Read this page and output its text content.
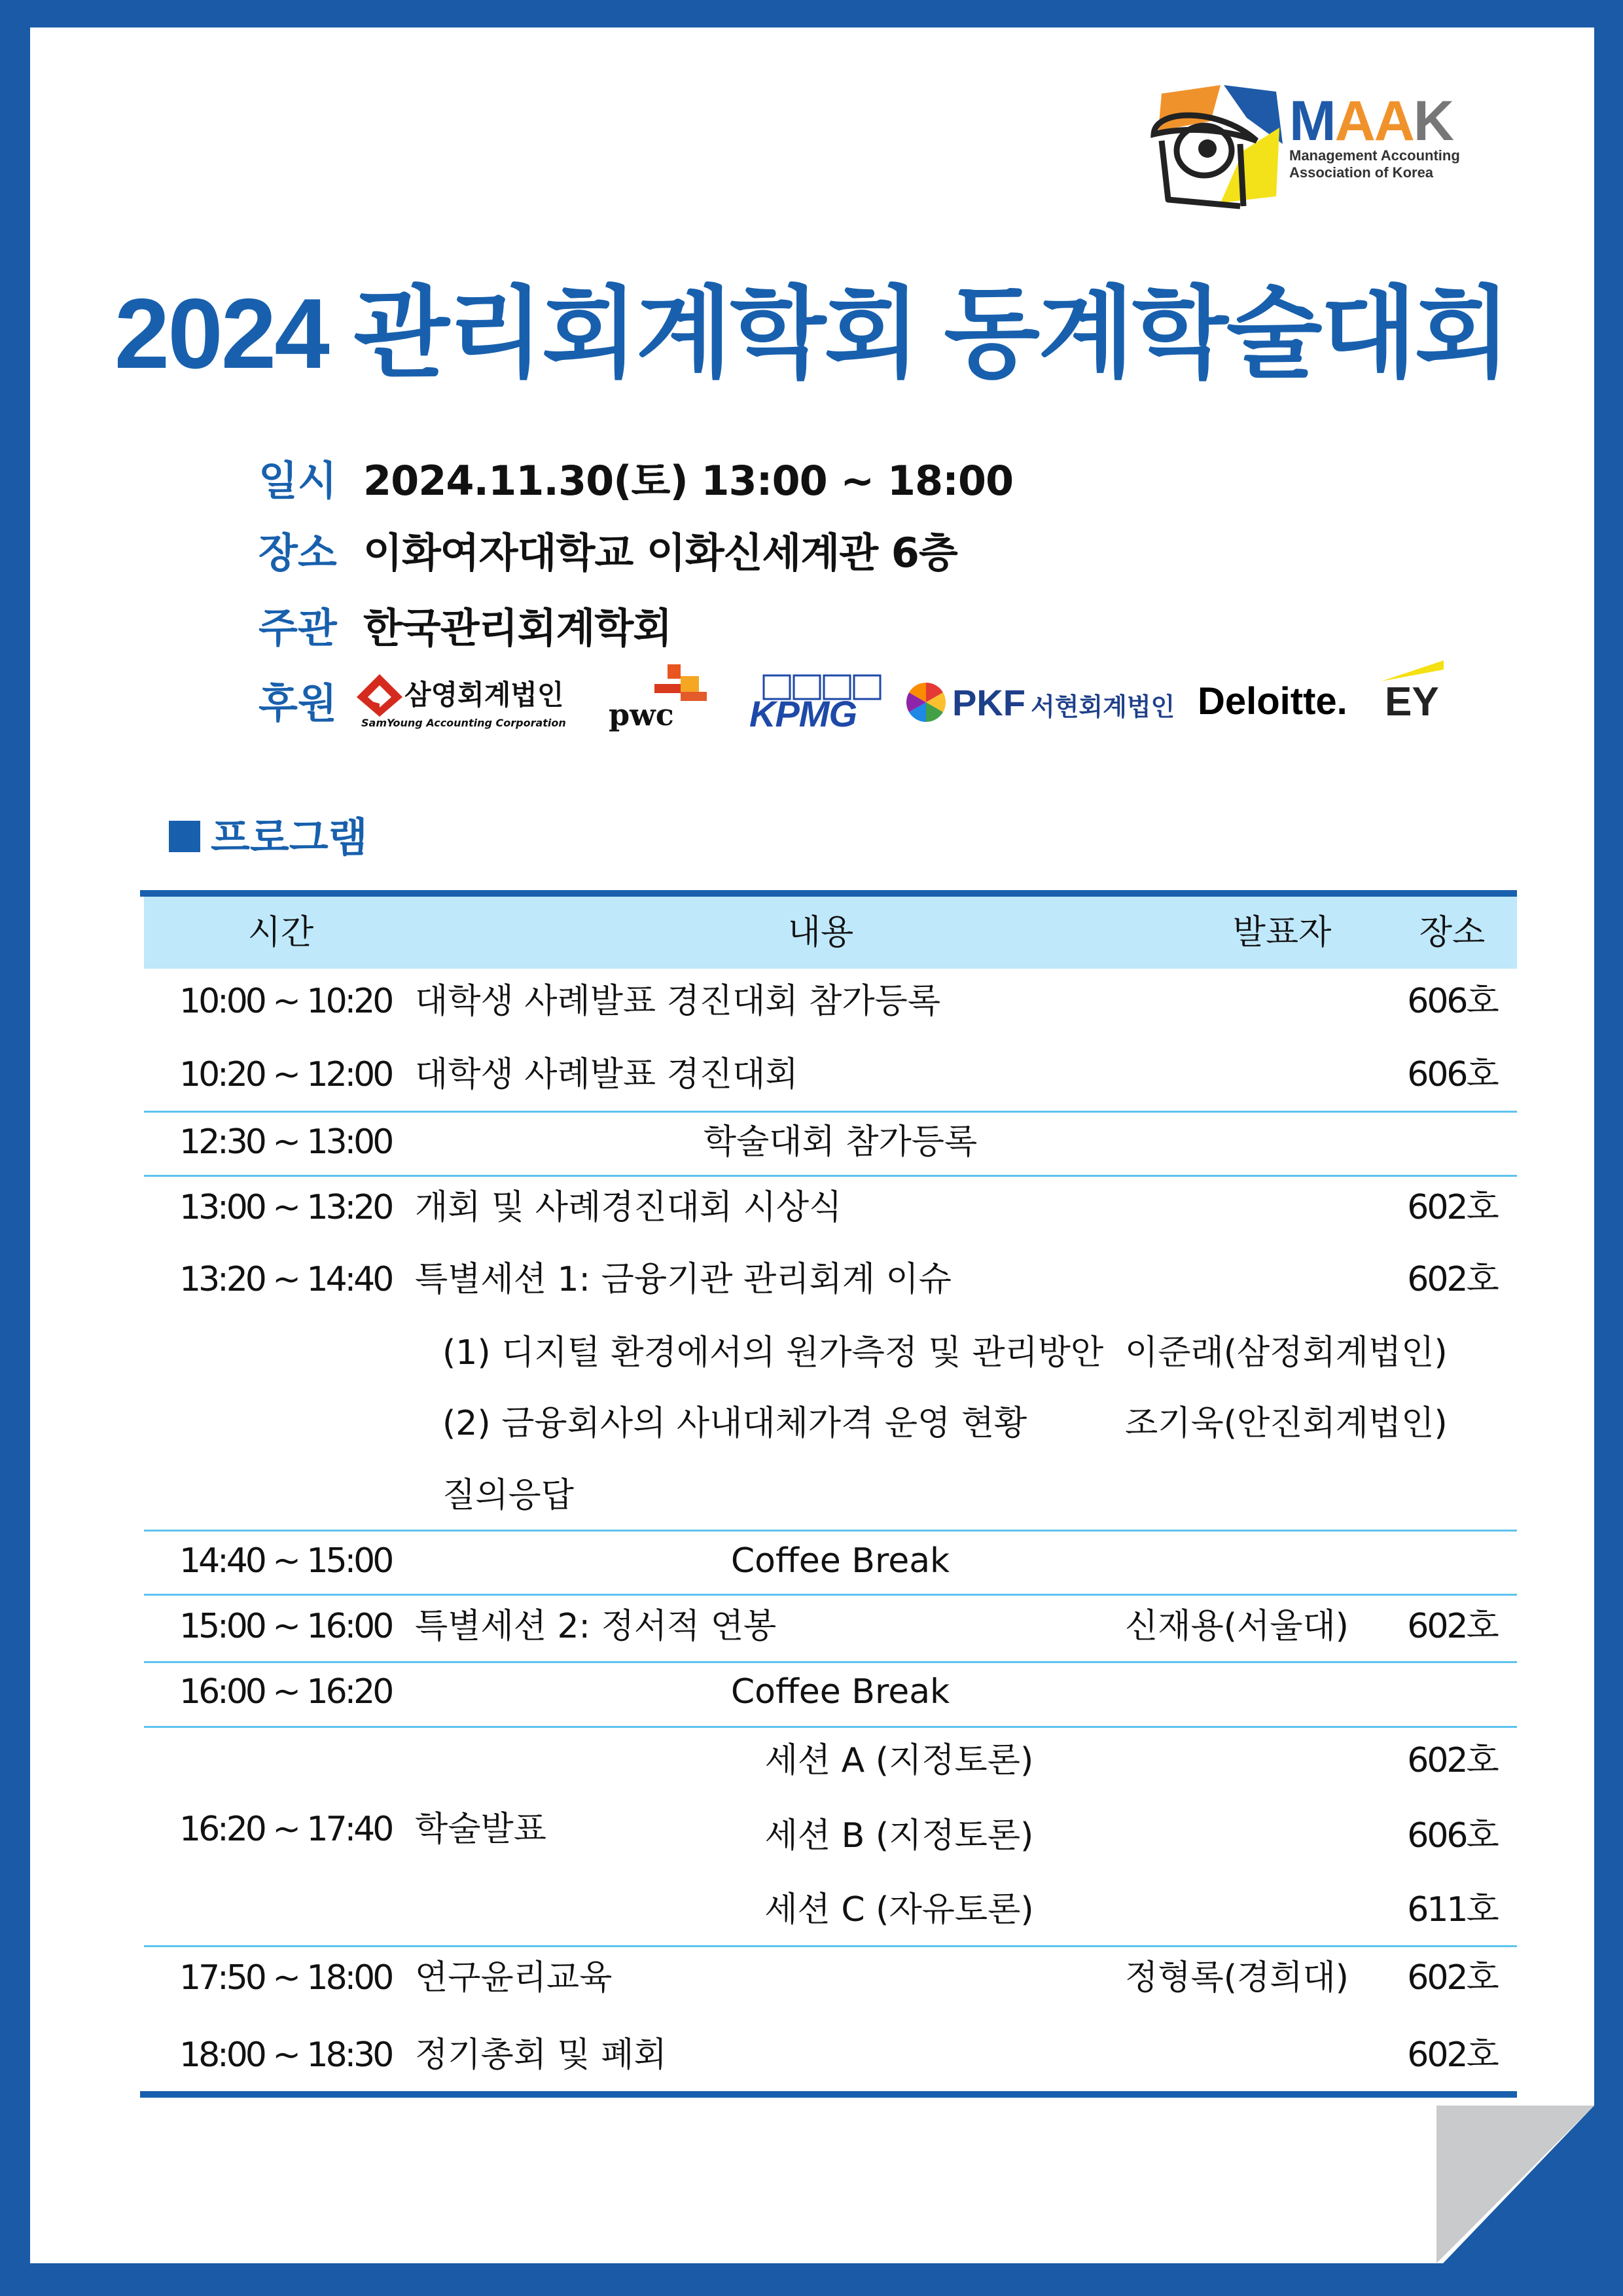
MAAK
Management Accounting
Association of Korea
2024 관리회계학회 동계학술대회
일시 2024.11.30(토) 13:00 ~ 18:00
장소 이화여자대학교 이화신세계관 6층
주관 한국관리회계학회
후원 삼영회계법인
SamYoung Accounting Corporation pwc KPMG	PKF 서현회계법인 Deloitte. EY
프로그램
시간	내용	발표자	장소
10:00 ~ 10:20 대학생 사례발표 경진대회 참가등록	606호
10:20 ~ 12:00 대학생 사례발표 경진대회	606호
12:30 ~ 13:00	학술대회 참가등록
13:00 ~ 13:20 개회 및 사례경진대회 시상식	602호
13:20 ~ 14:40 특별세션 1: 금융기관 관리회계 이슈	602호
(1) 디지털 환경에서의 원가측정 및 관리방안 이준래(삼정회계법인)
(2) 금융회사의 사내대체가격 운영 현황	조기욱(안진회계법인)
질의응답
14:40 ~ 15:00	Coffee Break
15:00 ~ 16:00 특별세션 2: 정서적 연봉	신재용(서울대)	602호
16:00 ~ 16:20	Coffee Break
16:20 ~ 17:40 학술발표
세션 A (지정토론)	602호
세션 B (지정토론)	606호
세션 C (자유토론)	611호
17:50 ~ 18:00 연구윤리교육	정형록(경희대)	602호
18:00 ~ 18:30 정기총회 및 폐회	602호
